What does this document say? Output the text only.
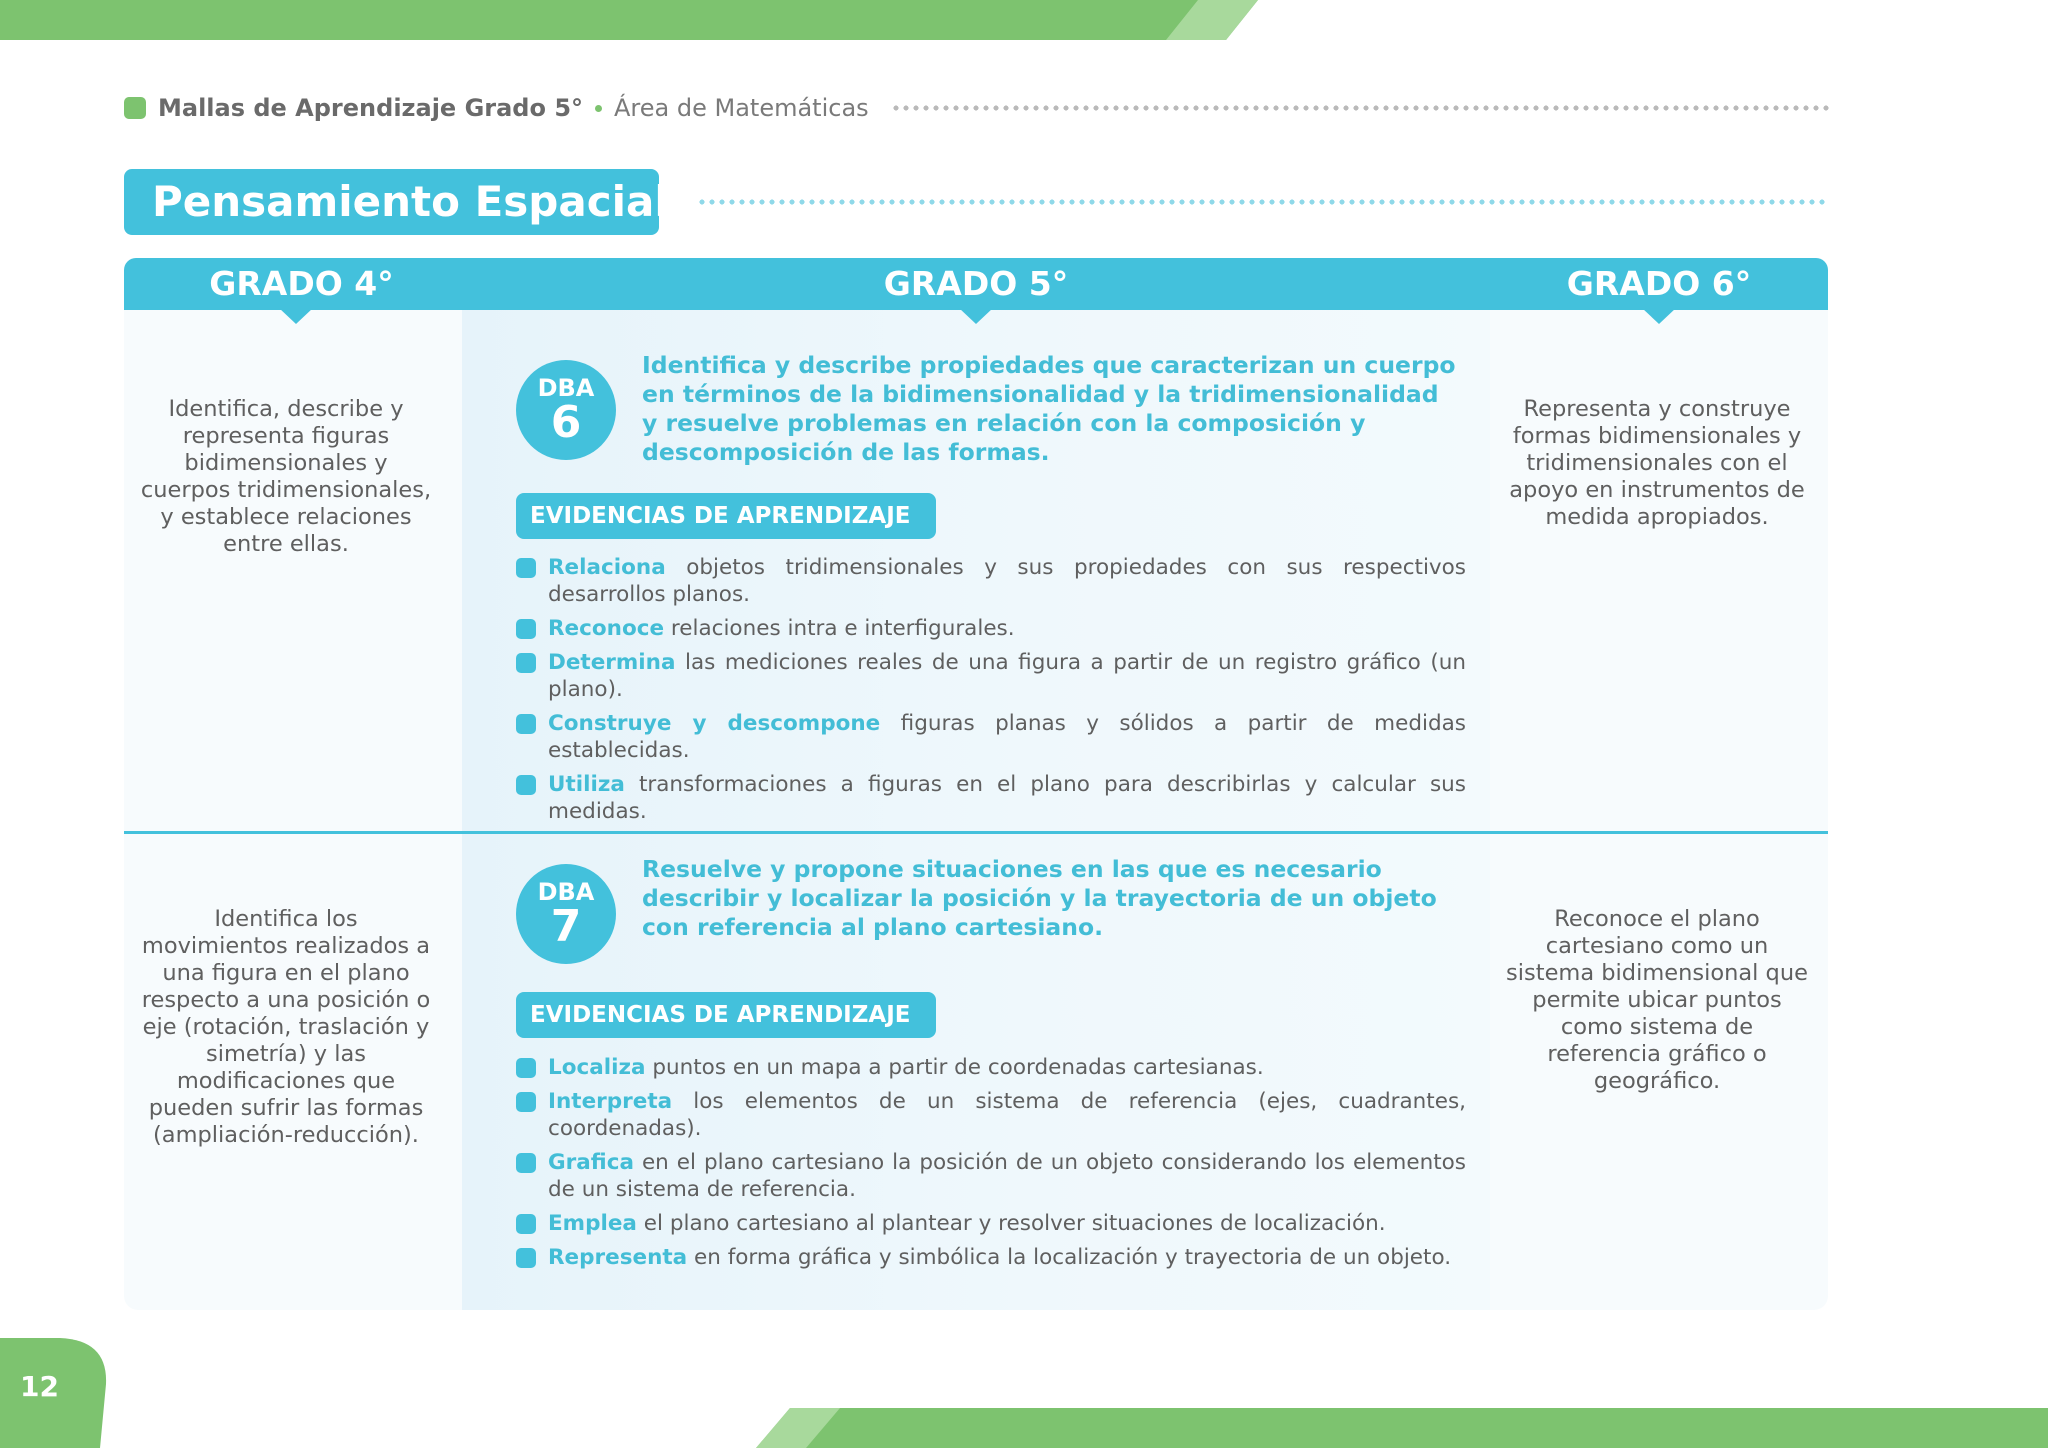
Mallas de Aprendizaje Grado 5° Área de Matemáticas
Pensamiento Espacial
GRADO 4°	GRADO 5°	GRADO 6°
Identifica, describe y representa figuras bidimensionales y cuerpos tridimensionales, y establece relaciones entre ellas.
DBA
6
Identifica y describe propiedades que caracterizan un cuerpo en términos de la bidimensionalidad y la tridimensionalidad y resuelve problemas en relación con la composición y descomposición de las formas.
EVIDENCIAS DE APRENDIZAJE
Relaciona objetos tridimensionales y sus propiedades con sus respectivos desarrollos planos.
Reconoce relaciones intra e interfigurales.
Determina las mediciones reales de una figura a partir de un registro gráfico (un plano).
Construye y descompone figuras planas y sólidos a partir de medidas establecidas.
Utiliza transformaciones a figuras en el plano para describirlas y calcular sus medidas.
Representa y construye formas bidimensionales y tridimensionales con el apoyo en instrumentos de medida apropiados.
Identifica los movimientos realizados a una figura en el plano respecto a una posición o eje (rotación, traslación y simetría) y las modificaciones que pueden sufrir las formas (ampliación-reducción).
DBA
7
Resuelve y propone situaciones en las que es necesario describir y localizar la posición y la trayectoria de un objeto con referencia al plano cartesiano.
EVIDENCIAS DE APRENDIZAJE
Localiza puntos en un mapa a partir de coordenadas cartesianas.
Interpreta los elementos de un sistema de referencia (ejes, cuadrantes, coordenadas).
Grafica en el plano cartesiano la posición de un objeto considerando los elementos de un sistema de referencia.
Emplea el plano cartesiano al plantear y resolver situaciones de localización.
Representa en forma gráfica y simbólica la localización y trayectoria de un objeto.
Reconoce el plano cartesiano como un sistema bidimensional que permite ubicar puntos como sistema de referencia gráfico o geográfico.
12
